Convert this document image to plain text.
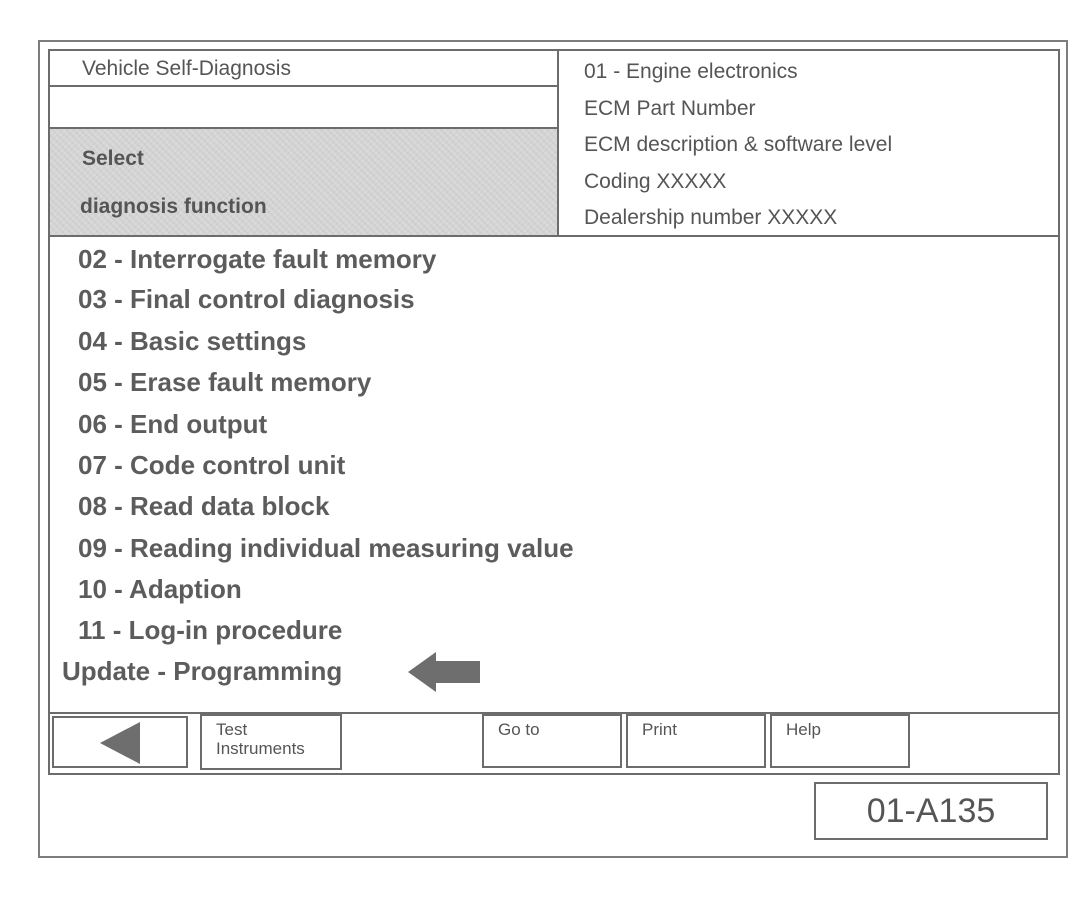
Vehicle Self-Diagnosis
Select
diagnosis function
01 - Engine electronics
ECM Part Number
ECM description & software level
Coding XXXXX
Dealership number XXXXX
02 - Interrogate fault memory
03 - Final control diagnosis
04 - Basic settings
05 - Erase fault memory
06 - End output
07 - Code control unit
08 - Read data block
09 - Reading individual measuring value
10 - Adaption
11 - Log-in procedure
Update - Programming
Test
Instruments
Go to	Print	Help
01-A135
